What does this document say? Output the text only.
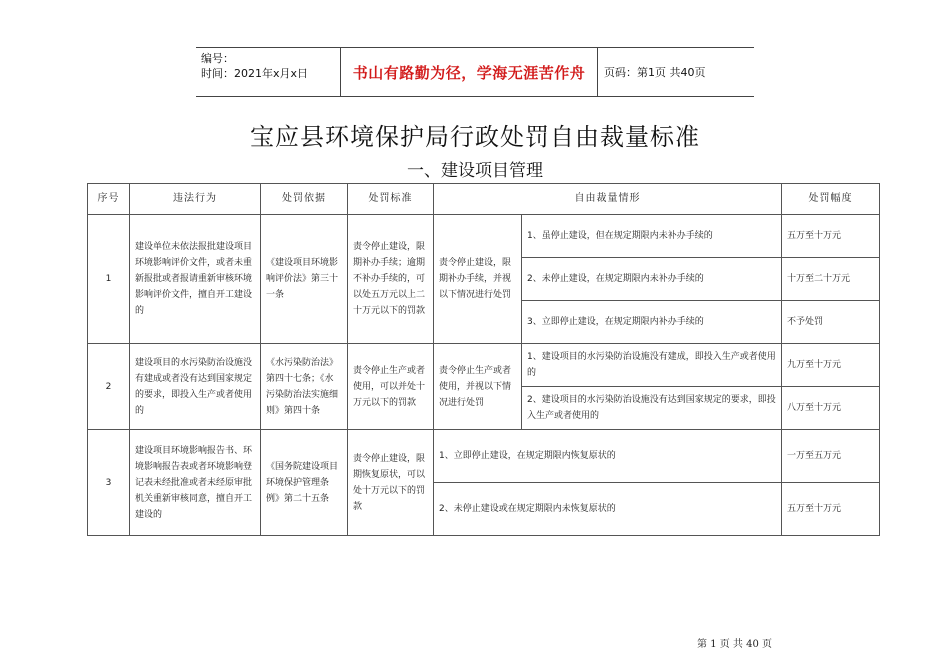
编号：
时间：2021年x月x日	书山有路勤为径，学海无涯苦作舟 页码：第1页 共40页
宝应县环境保护局行政处罚自由裁量标准
一、建设项目管理
序号	违法行为	处罚依据	处罚标准	自由裁量情形		处罚幅度
1	建设单位未依法报批建设项目环境影响评价文件，或者未重新报批或者报请重新审核环境影响评价文件，擅自开工建设的	《建设项目环境影响评价法》第三十一条	责令停止建设，限期补办手续；逾期不补办手续的，可以处五万元以上二十万元以下的罚款	责令停止建设，限期补办手续，并视以下情况进行处罚	1、虽停止建设，但在规定期限内未补办手续的	五万至十万元
					2、未停止建设，在规定期限内未补办手续的	十万至二十万元
					3、立即停止建设，在规定期限内补办手续的	不予处罚
2	建设项目的水污染防治设施没有建成或者没有达到国家规定的要求，即投入生产或者使用的	《水污染防治法》第四十七条；《水污染防治法实施细则》第四十条	责令停止生产或者使用，可以并处十万元以下的罚款	责令停止生产或者使用，并视以下情况进行处罚	1、建设项目的水污染防治设施没有建成，即投入生产或者使用的	九万至十万元
					2、建设项目的水污染防治设施没有达到国家规定的要求，即投入生产或者使用的	八万至十万元
3	建设项目环境影响报告书、环境影响报告表或者环境影响登记表未经批准或者未经原审批机关重新审核同意，擅自开工建设的	《国务院建设项目环境保护管理条例》第二十五条	责令停止建设，限期恢复原状，可以处十万元以下的罚款	1、立即停止建设，在规定期限内恢复原状的		一万至五万元
				2、未停止建设或在规定期限内未恢复原状的		五万至十万元
第 1 页 共 40 页
